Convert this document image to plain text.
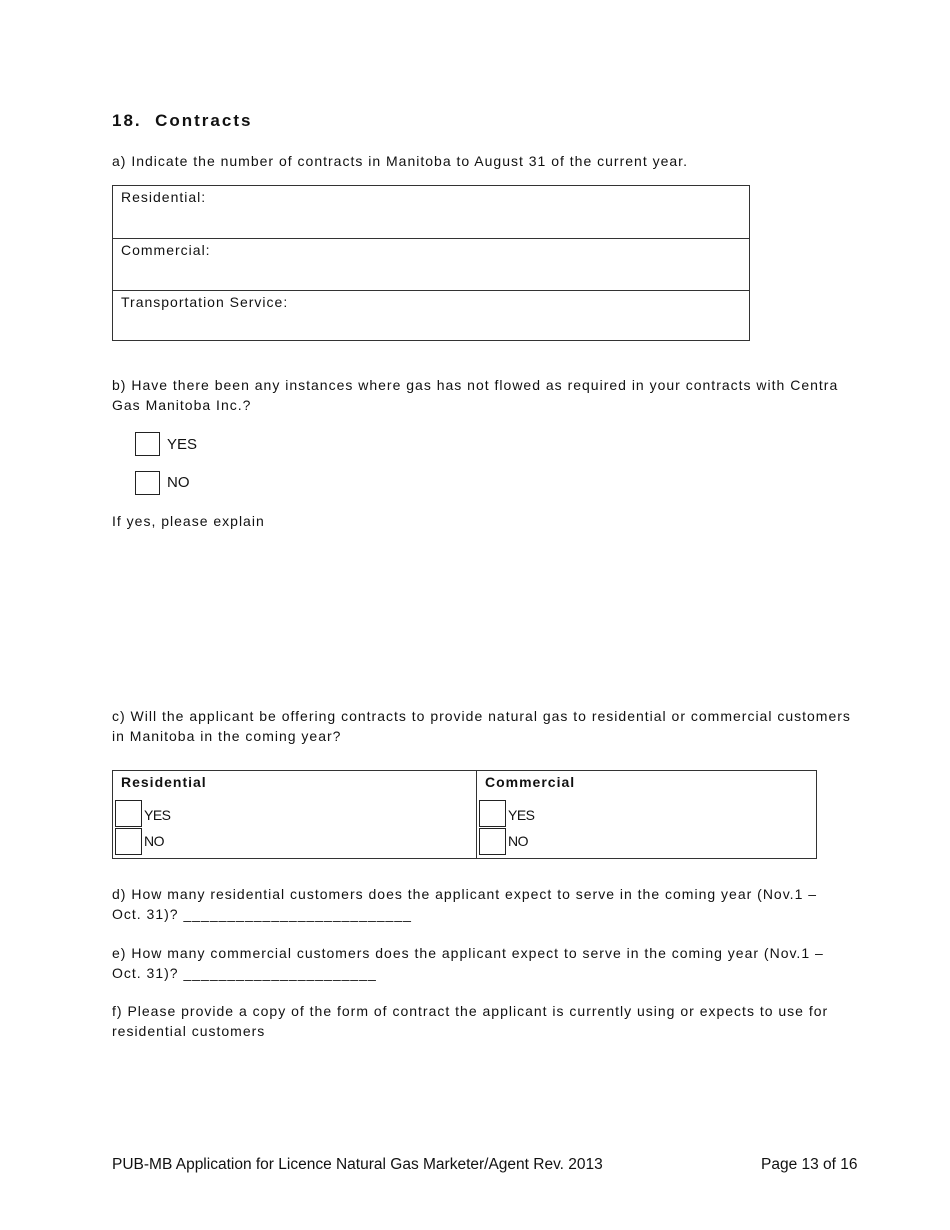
18. Contracts
a) Indicate the number of contracts in Manitoba to August 31 of the current year.
Residential:
Commercial:
Transportation Service:
b) Have there been any instances where gas has not flowed as required in your contracts with Centra Gas Manitoba Inc.?
YES
NO
If yes, please explain
c) Will the applicant be offering contracts to provide natural gas to residential or commercial customers in Manitoba in the coming year?
Residential
YES
NO
Commercial
YES
NO
d) How many residential customers does the applicant expect to serve in the coming year (Nov.1 –
Oct. 31)? __________________________
e) How many commercial customers does the applicant expect to serve in the coming year (Nov.1 –
Oct. 31)? ______________________
f) Please provide a copy of the form of contract the applicant is currently using or expects to use for residential customers
PUB-MB Application for Licence Natural Gas Marketer/Agent Rev. 2013	Page 13 of 16
